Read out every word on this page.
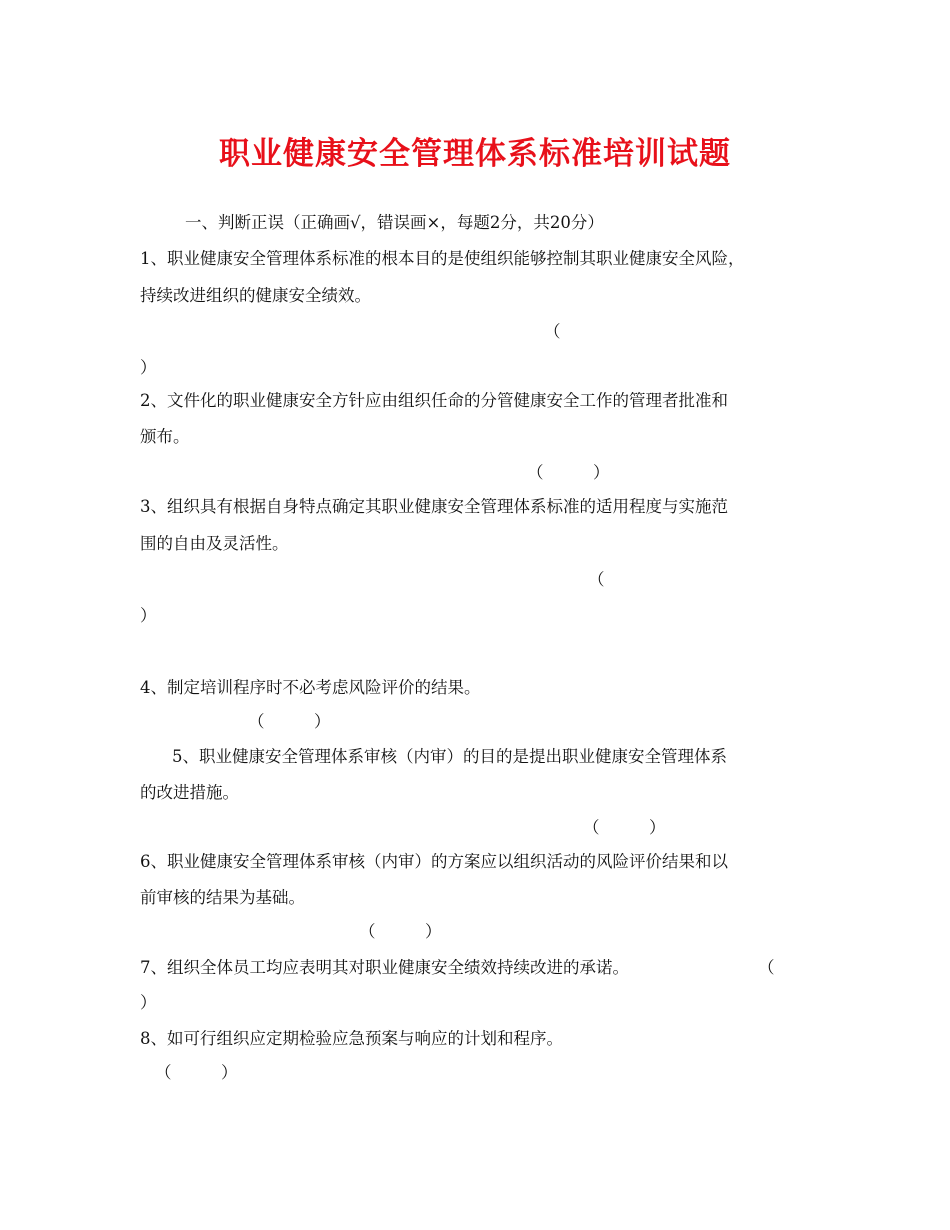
职业健康安全管理体系标准培训试题
一、判断正误（正确画√，错误画×，每题2分，共20分）
1、职业健康安全管理体系标准的根本目的是使组织能够控制其职业健康安全风险，
持续改进组织的健康安全绩效。
（
）
2、文件化的职业健康安全方针应由组织任命的分管健康安全工作的管理者批准和
颁布。
（　　　）
3、组织具有根据自身特点确定其职业健康安全管理体系标准的适用程度与实施范
围的自由及灵活性。
（
）
4、制定培训程序时不必考虑风险评价的结果。
（　　　）
5、职业健康安全管理体系审核（内审）的目的是提出职业健康安全管理体系
的改进措施。
（　　　）
6、职业健康安全管理体系审核（内审）的方案应以组织活动的风险评价结果和以
前审核的结果为基础。
（　　　）
7、组织全体员工均应表明其对职业健康安全绩效持续改进的承诺。	（
）
8、如可行组织应定期检验应急预案与响应的计划和程序。
（　　　）
